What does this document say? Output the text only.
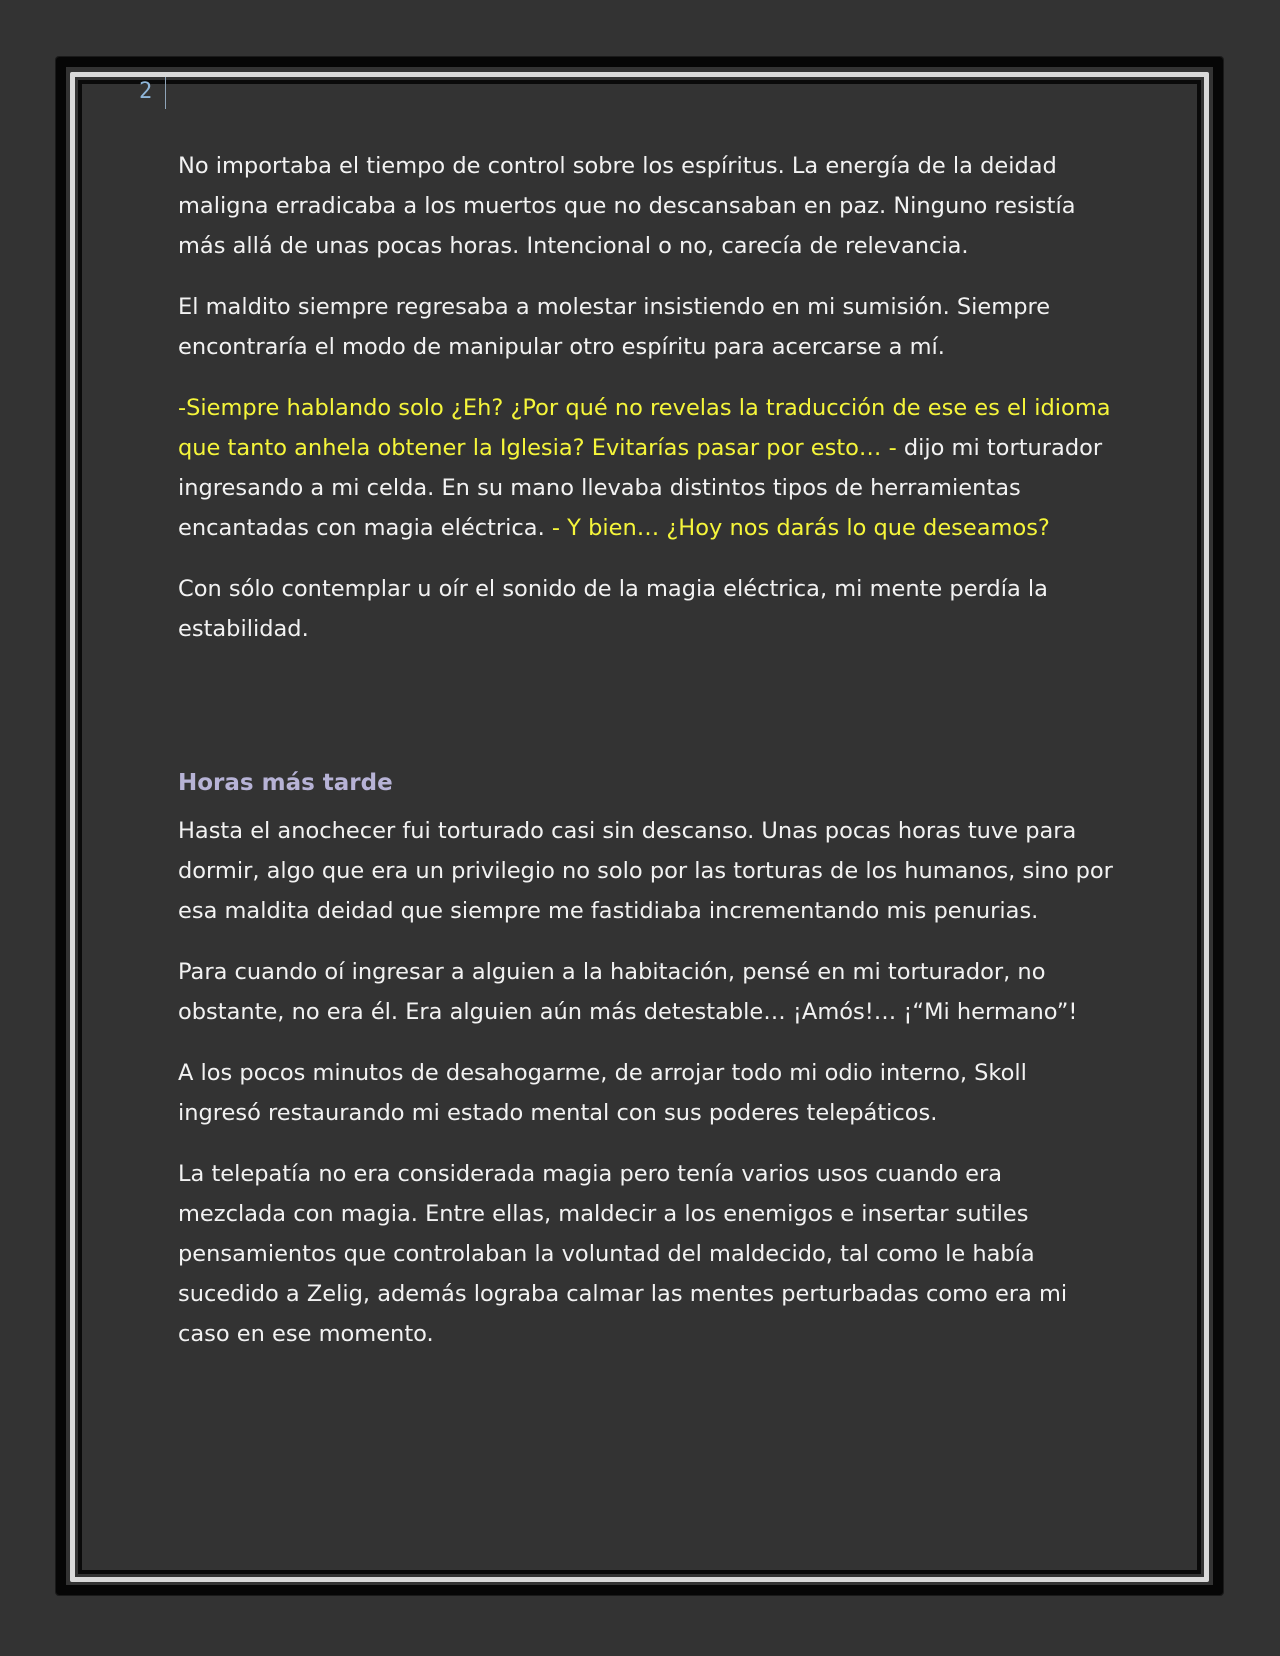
2

No importaba el tiempo de control sobre los espíritus. La energía de la deidad maligna erradicaba a los muertos que no descansaban en paz. Ninguno resistía más allá de unas pocas horas. Intencional o no, carecía de relevancia.

El maldito siempre regresaba a molestar insistiendo en mi sumisión. Siempre encontraría el modo de manipular otro espíritu para acercarse a mí.

-Siempre hablando solo ¿Eh? ¿Por qué no revelas la traducción de ese es el idioma que tanto anhela obtener la Iglesia? Evitarías pasar por esto… - dijo mi torturador ingresando a mi celda. En su mano llevaba distintos tipos de herramientas encantadas con magia eléctrica. - Y bien… ¿Hoy nos darás lo que deseamos?

Con sólo contemplar u oír el sonido de la magia eléctrica, mi mente perdía la estabilidad.

Horas más tarde

Hasta el anochecer fui torturado casi sin descanso. Unas pocas horas tuve para dormir, algo que era un privilegio no solo por las torturas de los humanos, sino por esa maldita deidad que siempre me fastidiaba incrementando mis penurias.

Para cuando oí ingresar a alguien a la habitación, pensé en mi torturador, no obstante, no era él. Era alguien aún más detestable… ¡Amós!… ¡“Mi hermano”!

A los pocos minutos de desahogarme, de arrojar todo mi odio interno, Skoll ingresó restaurando mi estado mental con sus poderes telepáticos.

La telepatía no era considerada magia pero tenía varios usos cuando era mezclada con magia. Entre ellas, maldecir a los enemigos e insertar sutiles pensamientos que controlaban la voluntad del maldecido, tal como le había sucedido a Zelig, además lograba calmar las mentes perturbadas como era mi caso en ese momento.
